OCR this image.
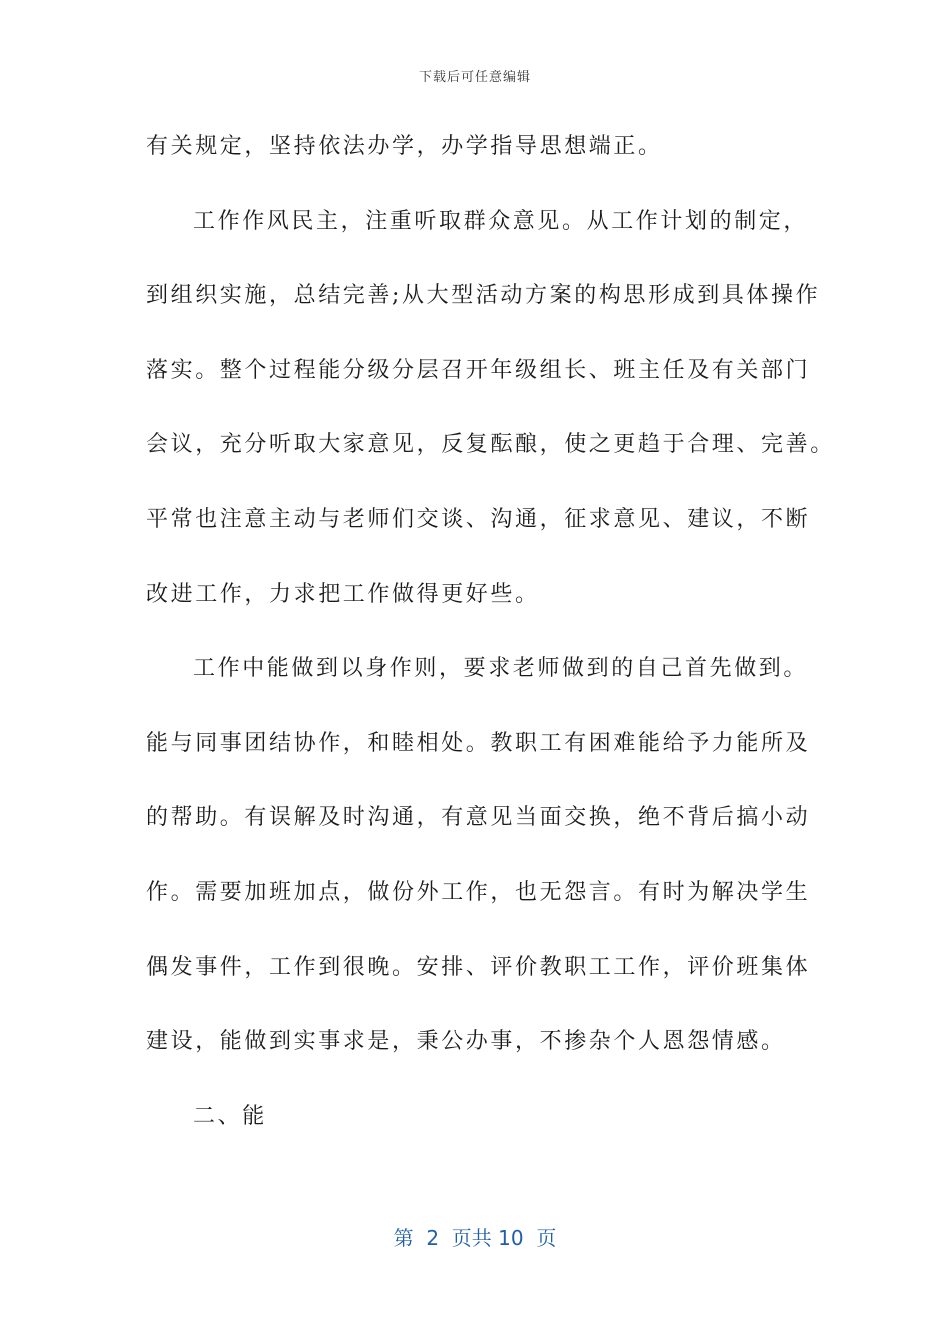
下载后可任意编辑
有关规定，坚持依法办学，办学指导思想端正。
工作作风民主，注重听取群众意见。从工作计划的制定，
到组织实施，总结完善;从大型活动方案的构思形成到具体操作
落实。整个过程能分级分层召开年级组长、班主任及有关部门
会议，充分听取大家意见，反复酝酿，使之更趋于合理、完善。
平常也注意主动与老师们交谈、沟通，征求意见、建议，不断
改进工作，力求把工作做得更好些。
工作中能做到以身作则，要求老师做到的自己首先做到。
能与同事团结协作，和睦相处。教职工有困难能给予力能所及
的帮助。有误解及时沟通，有意见当面交换，绝不背后搞小动
作。需要加班加点，做份外工作，也无怨言。有时为解决学生
偶发事件，工作到很晚。安排、评价教职工工作，评价班集体
建设，能做到实事求是，秉公办事，不掺杂个人恩怨情感。
二、能
第  2  页共 10  页
